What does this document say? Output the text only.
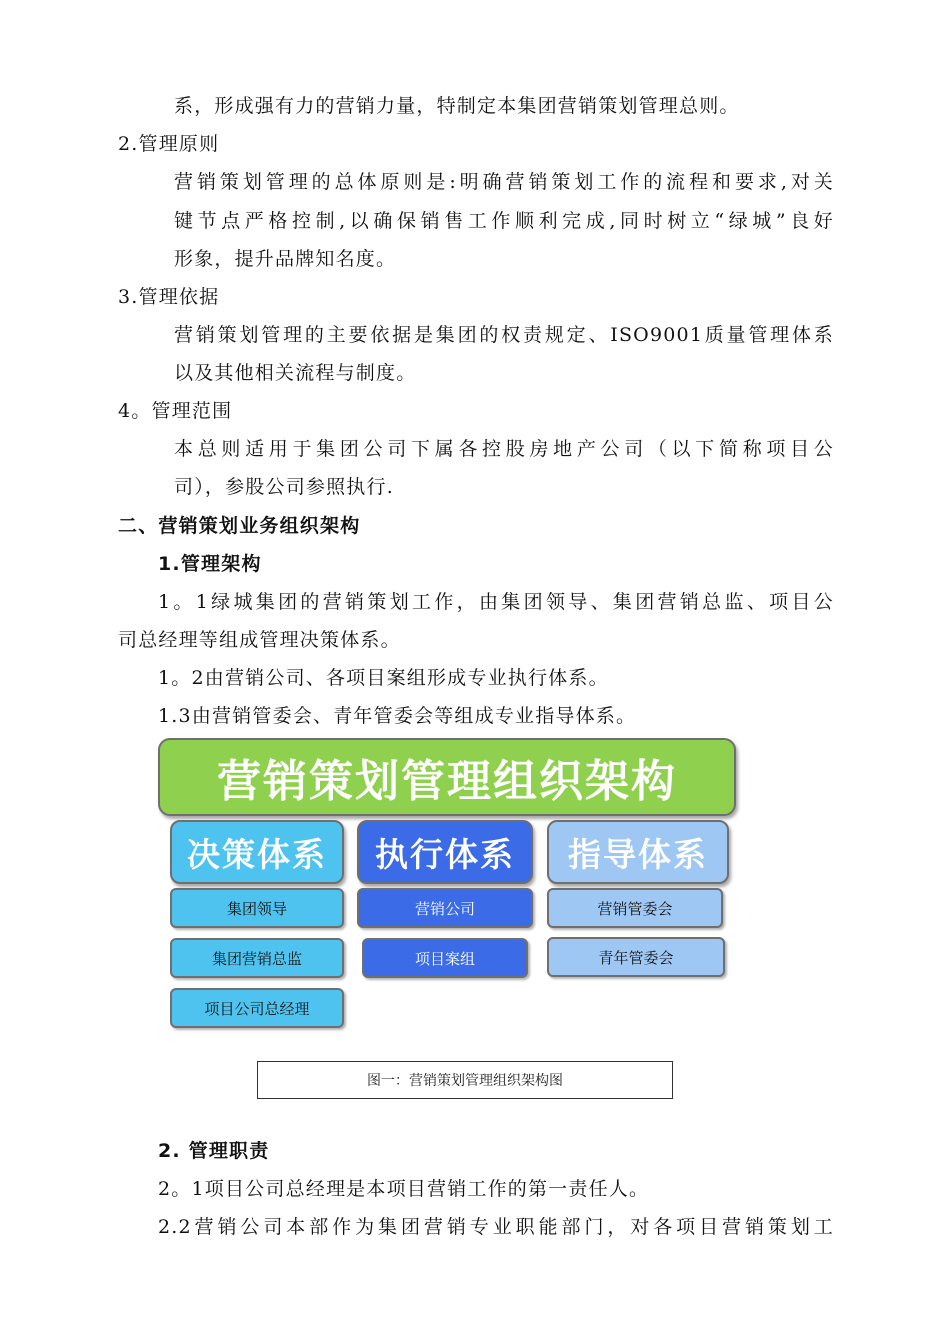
系，形成强有力的营销力量，特制定本集团营销策划管理总则。
2.管理原则
营销策划管理的总体原则是:明确营销策划工作的流程和要求,对关
键节点严格控制,以确保销售工作顺利完成,同时树立“绿城”良好
形象，提升品牌知名度。
3.管理依据
营销策划管理的主要依据是集团的权责规定、ISO9001质量管理体系
以及其他相关流程与制度。
4。管理范围
本总则适用于集团公司下属各控股房地产公司（以下简称项目公
司），参股公司参照执行.
二、营销策划业务组织架构
1.管理架构
1。1绿城集团的营销策划工作，由集团领导、集团营销总监、项目公
司总经理等组成管理决策体系。
1。2由营销公司、各项目案组形成专业执行体系。
1.3由营销管委会、青年管委会等组成专业指导体系。
营销策划管理组织架构
决策体系	执行体系	指导体系
集团领导
集团营销总监
项目公司总经理
营销公司
项目案组
营销管委会
青年管委会
图一：营销策划管理组织架构图
2. 管理职责
2。1项目公司总经理是本项目营销工作的第一责任人。
2.2营销公司本部作为集团营销专业职能部门，对各项目营销策划工
